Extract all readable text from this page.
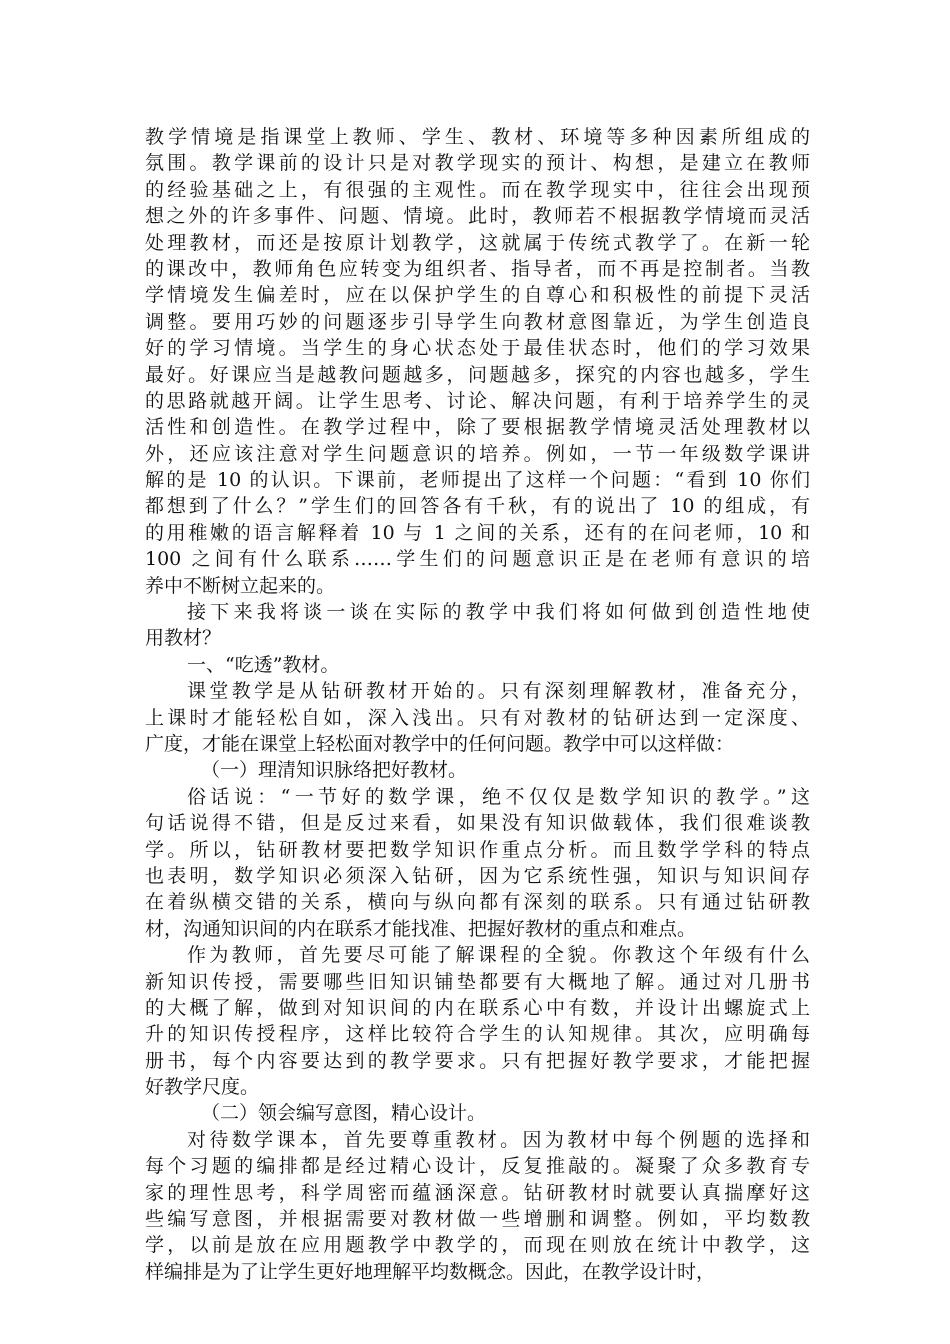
教学情境是指课堂上教师、学生、教材、环境等多种因素所组成的
氛围。教学课前的设计只是对教学现实的预计、构想，是建立在教师
的经验基础之上，有很强的主观性。而在教学现实中，往往会出现预
想之外的许多事件、问题、情境。此时，教师若不根据教学情境而灵活
处理教材，而还是按原计划教学，这就属于传统式教学了。在新一轮
的课改中，教师角色应转变为组织者、指导者，而不再是控制者。当教
学情境发生偏差时，应在以保护学生的自尊心和积极性的前提下灵活
调整。要用巧妙的问题逐步引导学生向教材意图靠近，为学生创造良
好的学习情境。当学生的身心状态处于最佳状态时，他们的学习效果
最好。好课应当是越教问题越多，问题越多，探究的内容也越多，学生
的思路就越开阔。让学生思考、讨论、解决问题，有利于培养学生的灵
活性和创造性。在教学过程中，除了要根据教学情境灵活处理教材以
外，还应该注意对学生问题意识的培养。例如，一节一年级数学课讲
解的是 10 的认识。下课前，老师提出了这样一个问题：“看到 10 你们
都想到了什么？”学生们的回答各有千秋，有的说出了 10 的组成，有
的用稚嫩的语言解释着 10 与 1 之间的关系，还有的在问老师，10 和
100 之间有什么联系……学生们的问题意识正是在老师有意识的培
养中不断树立起来的。
接下来我将谈一谈在实际的教学中我们将如何做到创造性地使
用教材？
一、“吃透”教材。
课堂教学是从钻研教材开始的。只有深刻理解教材，准备充分，
上课时才能轻松自如，深入浅出。只有对教材的钻研达到一定深度、
广度，才能在课堂上轻松面对教学中的任何问题。教学中可以这样做：
（一）理清知识脉络把好教材。
俗话说：“一节好的数学课，绝不仅仅是数学知识的教学。”这
句话说得不错，但是反过来看，如果没有知识做载体，我们很难谈教
学。所以，钻研教材要把数学知识作重点分析。而且数学学科的特点
也表明，数学知识必须深入钻研，因为它系统性强，知识与知识间存
在着纵横交错的关系，横向与纵向都有深刻的联系。只有通过钻研教
材，沟通知识间的内在联系才能找准、把握好教材的重点和难点。
作为教师，首先要尽可能了解课程的全貌。你教这个年级有什么
新知识传授，需要哪些旧知识铺垫都要有大概地了解。通过对几册书
的大概了解，做到对知识间的内在联系心中有数，并设计出螺旋式上
升的知识传授程序，这样比较符合学生的认知规律。其次，应明确每
册书，每个内容要达到的教学要求。只有把握好教学要求，才能把握
好教学尺度。
（二）领会编写意图，精心设计。
对待数学课本，首先要尊重教材。因为教材中每个例题的选择和
每个习题的编排都是经过精心设计，反复推敲的。凝聚了众多教育专
家的理性思考，科学周密而蕴涵深意。钻研教材时就要认真揣摩好这
些编写意图，并根据需要对教材做一些增删和调整。例如，平均数教
学，以前是放在应用题教学中教学的，而现在则放在统计中教学，这
样编排是为了让学生更好地理解平均数概念。因此，在教学设计时，
